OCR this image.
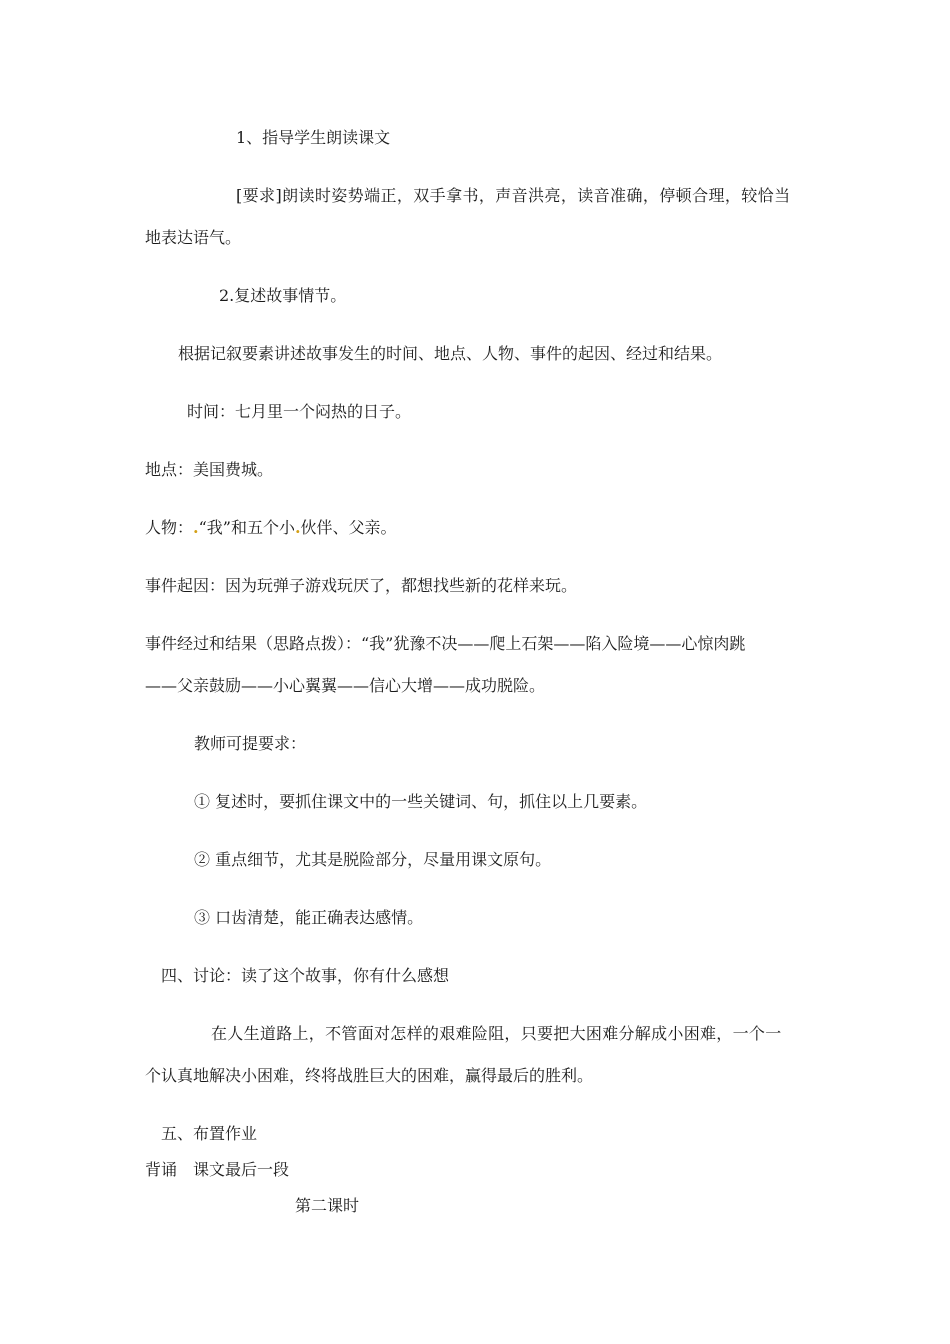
1、指导学生朗读课文
[要求]朗读时姿势端正，双手拿书，声音洪亮，读音准确，停顿合理，较恰当
地表达语气。
2.复述故事情节。
根据记叙要素讲述故事发生的时间、地点、人物、事件的起因、经过和结果。
时间：七月里一个闷热的日子。
地点：美国费城。
人物：.“我”和五个小.伙伴、父亲。
事件起因：因为玩弹子游戏玩厌了，都想找些新的花样来玩。
事件经过和结果（思路点拨）：“我”犹豫不决——爬上石架——陷入险境——心惊肉跳
——父亲鼓励——小心翼翼——信心大增——成功脱险。
教师可提要求：
① 复述时，要抓住课文中的一些关键词、句，抓住以上几要素。
② 重点细节，尤其是脱险部分，尽量用课文原句。
③ 口齿清楚，能正确表达感情。
四、讨论：读了这个故事，你有什么感想
在人生道路上，不管面对怎样的艰难险阻，只要把大困难分解成小困难，一个一
个认真地解决小困难，终将战胜巨大的困难，赢得最后的胜利。
五、布置作业
背诵　课文最后一段
第二课时
